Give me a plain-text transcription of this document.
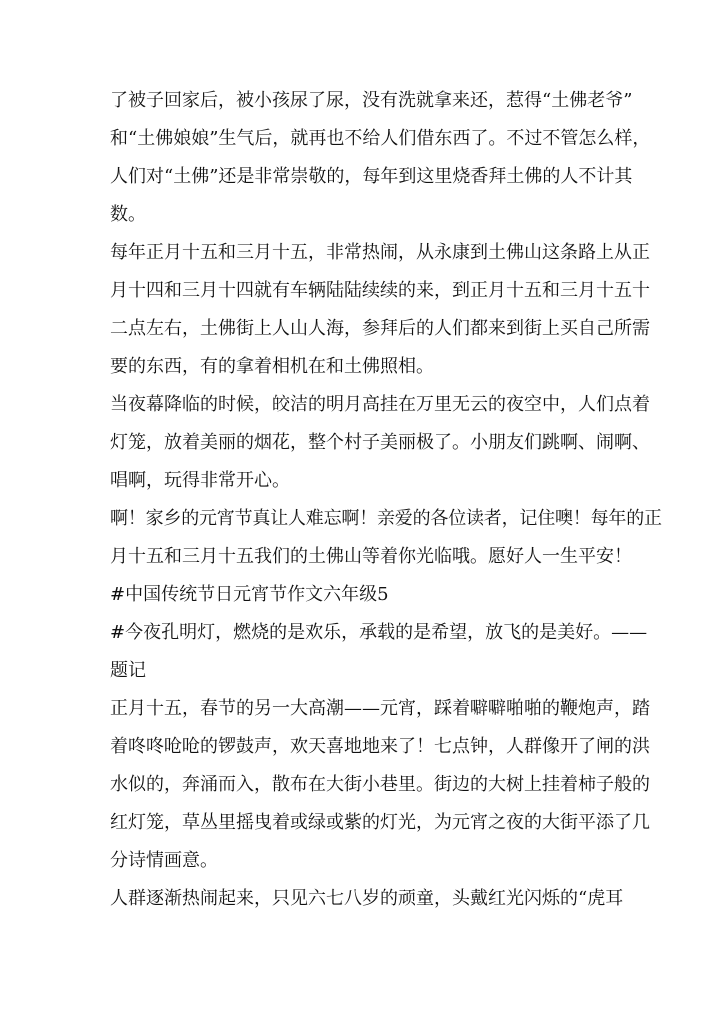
了被子回家后，被小孩尿了尿，没有洗就拿来还，惹得“土佛老爷”
和“土佛娘娘”生气后，就再也不给人们借东西了。不过不管怎么样，
人们对“土佛”还是非常崇敬的，每年到这里烧香拜土佛的人不计其
数。
每年正月十五和三月十五，非常热闹，从永康到土佛山这条路上从正
月十四和三月十四就有车辆陆陆续续的来，到正月十五和三月十五十
二点左右，土佛街上人山人海，参拜后的人们都来到街上买自己所需
要的东西，有的拿着相机在和土佛照相。
当夜幕降临的时候，皎洁的明月高挂在万里无云的夜空中，人们点着
灯笼，放着美丽的烟花，整个村子美丽极了。小朋友们跳啊、闹啊、
唱啊，玩得非常开心。
啊！家乡的元宵节真让人难忘啊！亲爱的各位读者，记住噢！每年的正
月十五和三月十五我们的土佛山等着你光临哦。愿好人一生平安！
#中国传统节日元宵节作文六年级5
#今夜孔明灯，燃烧的是欢乐，承载的是希望，放飞的是美好。——
题记
正月十五，春节的另一大高潮——元宵，踩着噼噼啪啪的鞭炮声，踏
着咚咚呛呛的锣鼓声，欢天喜地地来了！七点钟，人群像开了闸的洪
水似的，奔涌而入，散布在大街小巷里。街边的大树上挂着柿子般的
红灯笼，草丛里摇曳着或绿或紫的灯光，为元宵之夜的大街平添了几
分诗情画意。
人群逐渐热闹起来，只见六七八岁的顽童，头戴红光闪烁的“虎耳
